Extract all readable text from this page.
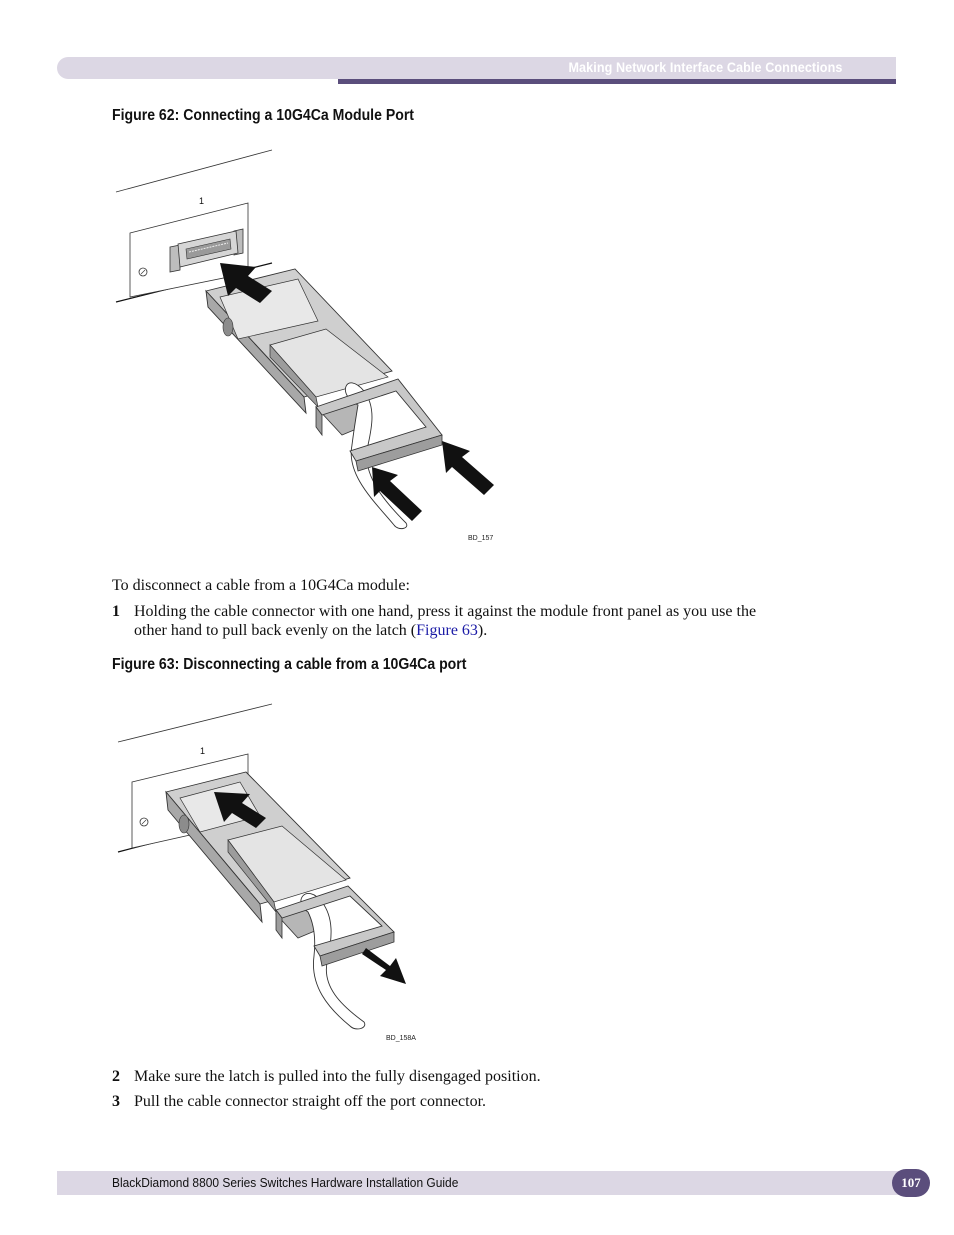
Making Network Interface Cable Connections
Figure 62: Connecting a 10G4Ca Module Port
1
BD_157
To disconnect a cable from a 10G4Ca module:
1 Holding the cable connector with one hand, press it against the module front panel as you use the
other hand to pull back evenly on the latch (Figure 63).
Figure 63: Disconnecting a cable from a 10G4Ca port
1
BD_158A
2 Make sure the latch is pulled into the fully disengaged position.
3 Pull the cable connector straight off the port connector.
BlackDiamond 8800 Series Switches Hardware Installation Guide	107
